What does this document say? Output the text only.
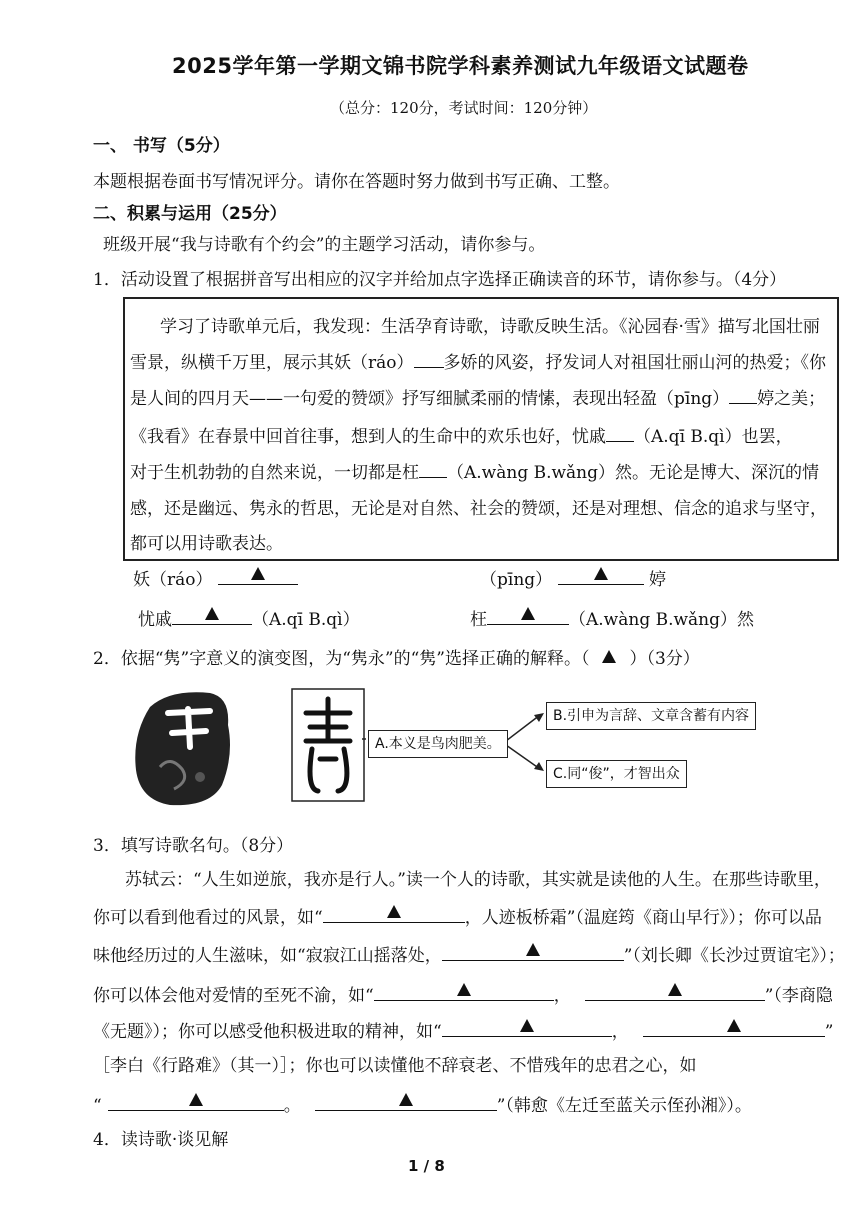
2025学年第一学期文锦书院学科素养测试九年级语文试题卷
（总分：120分，考试时间：120分钟）
一、 书写（5分）
本题根据卷面书写情况评分。请你在答题时努力做到书写正确、工整。
二、积累与运用（25分）
班级开展“我与诗歌有个约会”的主题学习活动，请你参与。
1．活动设置了根据拼音写出相应的汉字并给加点字选择正确读音的环节，请你参与。（4分）
学习了诗歌单元后，我发现：生活孕育诗歌，诗歌反映生活。《沁园春·雪》描写北国壮丽
雪景，纵横千万里，展示其妖（ráo） 多娇的风姿，抒发词人对祖国壮丽山河的热爱；《你
是人间的四月天——一句爱的赞颂》抒写细腻柔丽的情愫，表现出轻盈（pīng） 婷之美；
《我看》在春景中回首往事，想到人的生命中的欢乐也好，忧戚 （A.qī B.qì）也罢，
对于生机勃勃的自然来说，一切都是枉 （A.wàng B.wǎng）然。无论是博大、深沉的情
感，还是幽远、隽永的哲思，无论是对自然、社会的赞颂，还是对理想、信念的追求与坚守，
都可以用诗歌表达。
妖（ráo）	（pīng）	婷
忧戚	（A.qī B.qì）	枉	（A.wàng B.wǎng）然
2．依据“隽”字意义的演变图，为“隽永”的“隽”选择正确的解释。（ ）（3分）
A.本义是鸟肉肥美。
B.引申为言辞、文章含蓄有内容
C.同“俊”，才智出众
3．填写诗歌名句。（8分）
苏轼云：“人生如逆旅，我亦是行人。”读一个人的诗歌，其实就是读他的人生。在那些诗歌里，
你可以看到他看过的风景，如“	，人迹板桥霜”（温庭筠《商山早行》）；你可以品
味他经历过的人生滋味，如“寂寂江山摇落处，	”（刘长卿《长沙过贾谊宅》）；
你可以体会他对爱情的至死不渝，如“	，	”（李商隐
《无题》）；你可以感受他积极进取的精神，如“	，	”
［李白《行路难》（其一）］；你也可以读懂他不辞衰老、不惜残年的忠君之心，如
“	。	”（韩愈《左迁至蓝关示侄孙湘》）。
4．读诗歌·谈见解
1 / 8
